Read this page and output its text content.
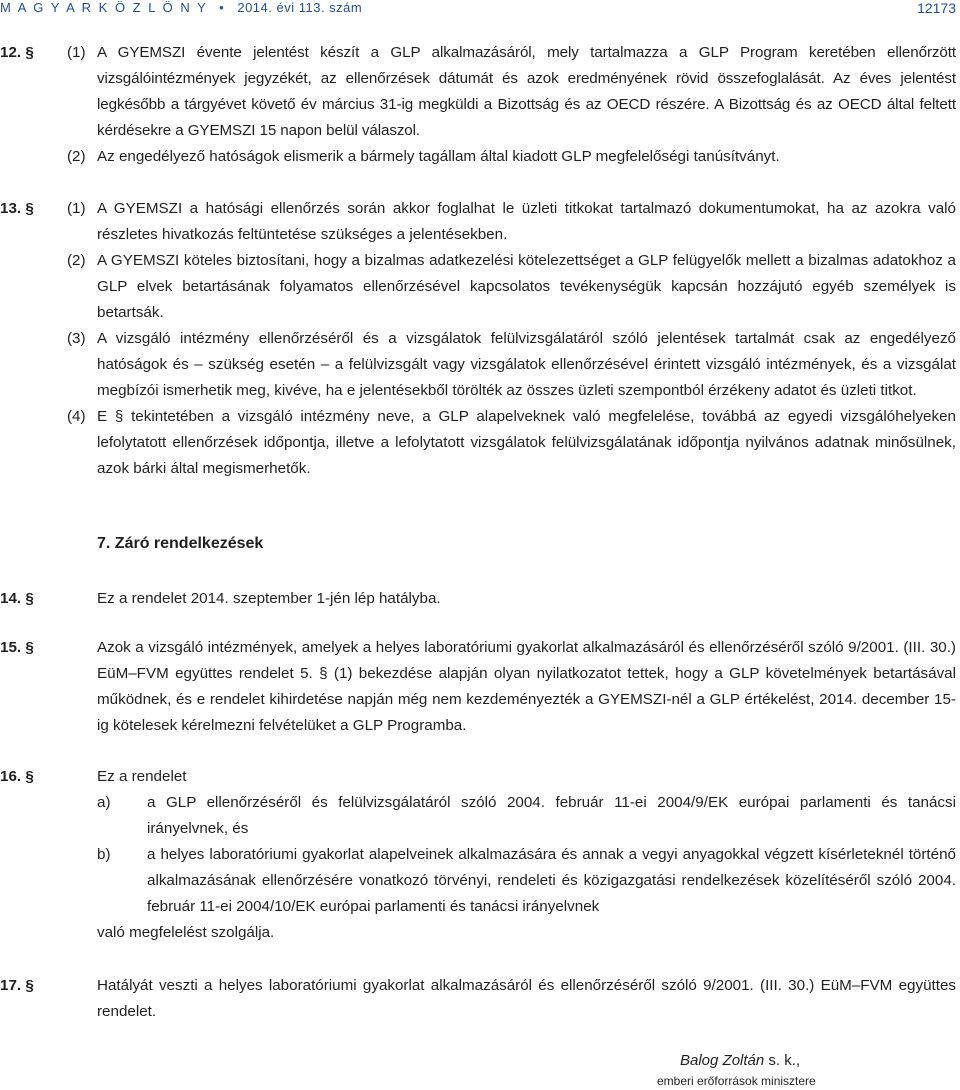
M A G Y A R K Ö Z L Ö N Y • 2014. évi 113. szám	12173
12. § (1) A GYEMSZI évente jelentést készít a GLP alkalmazásáról, mely tartalmazza a GLP Program keretében ellenőrzött vizsgálóintézmények jegyzékét, az ellenőrzések dátumát és azok eredményének rövid összefoglalását. Az éves jelentést legkésőbb a tárgyévet követő év március 31-ig megküldi a Bizottság és az OECD részére. A Bizottság és az OECD által feltett kérdésekre a GYEMSZI 15 napon belül válaszol.
(2) Az engedélyező hatóságok elismerik a bármely tagállam által kiadott GLP megfelelőségi tanúsítványt.
13. § (1) A GYEMSZI a hatósági ellenőrzés során akkor foglalhat le üzleti titkokat tartalmazó dokumentumokat, ha az azokra való részletes hivatkozás feltüntetése szükséges a jelentésekben.
(2) A GYEMSZI köteles biztosítani, hogy a bizalmas adatkezelési kötelezettséget a GLP felügyelők mellett a bizalmas adatokhoz a GLP elvek betartásának folyamatos ellenőrzésével kapcsolatos tevékenységük kapcsán hozzájutó egyéb személyek is betartsák.
(3) A vizsgáló intézmény ellenőrzéséről és a vizsgálatok felülvizsgálatáról szóló jelentések tartalmát csak az engedélyező hatóságok és – szükség esetén – a felülvizsgált vagy vizsgálatok ellenőrzésével érintett vizsgáló intézmények, és a vizsgálat megbízói ismerhetik meg, kivéve, ha e jelentésekből törölték az összes üzleti szempontból érzékeny adatot és üzleti titkot.
(4) E § tekintetében a vizsgáló intézmény neve, a GLP alapelveknek való megfelelése, továbbá az egyedi vizsgálóhelyeken lefolytatott ellenőrzések időpontja, illetve a lefolytatott vizsgálatok felülvizsgálatának időpontja nyilvános adatnak minősülnek, azok bárki által megismerhetők.
7. Záró rendelkezések
14. §	Ez a rendelet 2014. szeptember 1-jén lép hatályba.
15. §	Azok a vizsgáló intézmények, amelyek a helyes laboratóriumi gyakorlat alkalmazásáról és ellenőrzéséről szóló 9/2001. (III. 30.) EüM–FVM együttes rendelet 5. § (1) bekezdése alapján olyan nyilatkozatot tettek, hogy a GLP követelmények betartásával működnek, és e rendelet kihirdetése napján még nem kezdeményezték a GYEMSZI-nél a GLP értékelést, 2014. december 15-ig kötelesek kérelmezni felvételüket a GLP Programba.
16. §	Ez a rendelet
a) a GLP ellenőrzéséről és felülvizsgálatáról szóló 2004. február 11-ei 2004/9/EK európai parlamenti és tanácsi irányelvnek, és
b) a helyes laboratóriumi gyakorlat alapelveinek alkalmazására és annak a vegyi anyagokkal végzett kísérleteknél történő alkalmazásának ellenőrzésére vonatkozó törvényi, rendeleti és közigazgatási rendelkezések közelítéséről szóló 2004. február 11-ei 2004/10/EK európai parlamenti és tanácsi irányelvnek
való megfelelést szolgálja.
17. §	Hatályát veszti a helyes laboratóriumi gyakorlat alkalmazásáról és ellenőrzéséről szóló 9/2001. (III. 30.) EüM–FVM együttes rendelet.
Balog Zoltán s. k.,
emberi erőforrások minisztere
